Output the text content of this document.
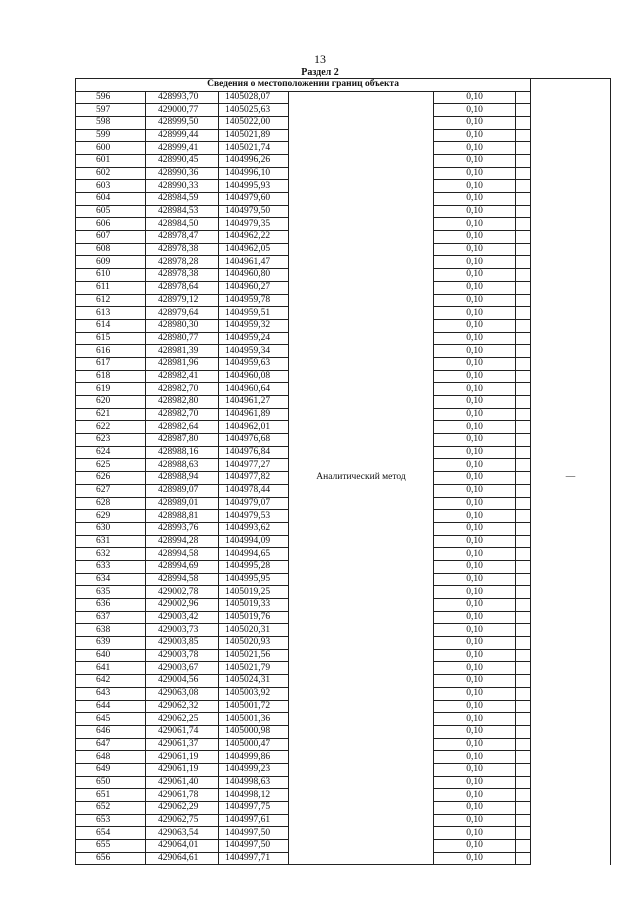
13
Раздел 2
Сведения о местоположении границ объекта						
596	428993,70	1405028,07	Аналитический метод	0,10		—
597	429000,77	1405025,63		0,10		
598	428999,50	1405022,00		0,10		
599	428999,44	1405021,89		0,10		
600	428999,41	1405021,74		0,10		
601	428990,45	1404996,26		0,10		
602	428990,36	1404996,10		0,10		
603	428990,33	1404995,93		0,10		
604	428984,59	1404979,60		0,10		
605	428984,53	1404979,50		0,10		
606	428984,50	1404979,35		0,10		
607	428978,47	1404962,22		0,10		
608	428978,38	1404962,05		0,10		
609	428978,28	1404961,47		0,10		
610	428978,38	1404960,80		0,10		
611	428978,64	1404960,27		0,10		
612	428979,12	1404959,78		0,10		
613	428979,64	1404959,51		0,10		
614	428980,30	1404959,32		0,10		
615	428980,77	1404959,24		0,10		
616	428981,39	1404959,34		0,10		
617	428981,96	1404959,63		0,10		
618	428982,41	1404960,08		0,10		
619	428982,70	1404960,64		0,10		
620	428982,80	1404961,27		0,10		
621	428982,70	1404961,89		0,10		
622	428982,64	1404962,01		0,10		
623	428987,80	1404976,68		0,10		
624	428988,16	1404976,84		0,10		
625	428988,63	1404977,27		0,10		
626	428988,94	1404977,82		0,10		
627	428989,07	1404978,44		0,10		
628	428989,01	1404979,07		0,10		
629	428988,81	1404979,53		0,10		
630	428993,76	1404993,62		0,10		
631	428994,28	1404994,09		0,10		
632	428994,58	1404994,65		0,10		
633	428994,69	1404995,28		0,10		
634	428994,58	1404995,95		0,10		
635	429002,78	1405019,25		0,10		
636	429002,96	1405019,33		0,10		
637	429003,42	1405019,76		0,10		
638	429003,73	1405020,31		0,10		
639	429003,85	1405020,93		0,10		
640	429003,78	1405021,56		0,10		
641	429003,67	1405021,79		0,10		
642	429004,56	1405024,31		0,10		
643	429063,08	1405003,92		0,10		
644	429062,32	1405001,72		0,10		
645	429062,25	1405001,36		0,10		
646	429061,74	1405000,98		0,10		
647	429061,37	1405000,47		0,10		
648	429061,19	1404999,86		0,10		
649	429061,19	1404999,23		0,10		
650	429061,40	1404998,63		0,10		
651	429061,78	1404998,12		0,10		
652	429062,29	1404997,75		0,10		
653	429062,75	1404997,61		0,10		
654	429063,54	1404997,50		0,10		
655	429064,01	1404997,50		0,10		
656	429064,61	1404997,71		0,10		
